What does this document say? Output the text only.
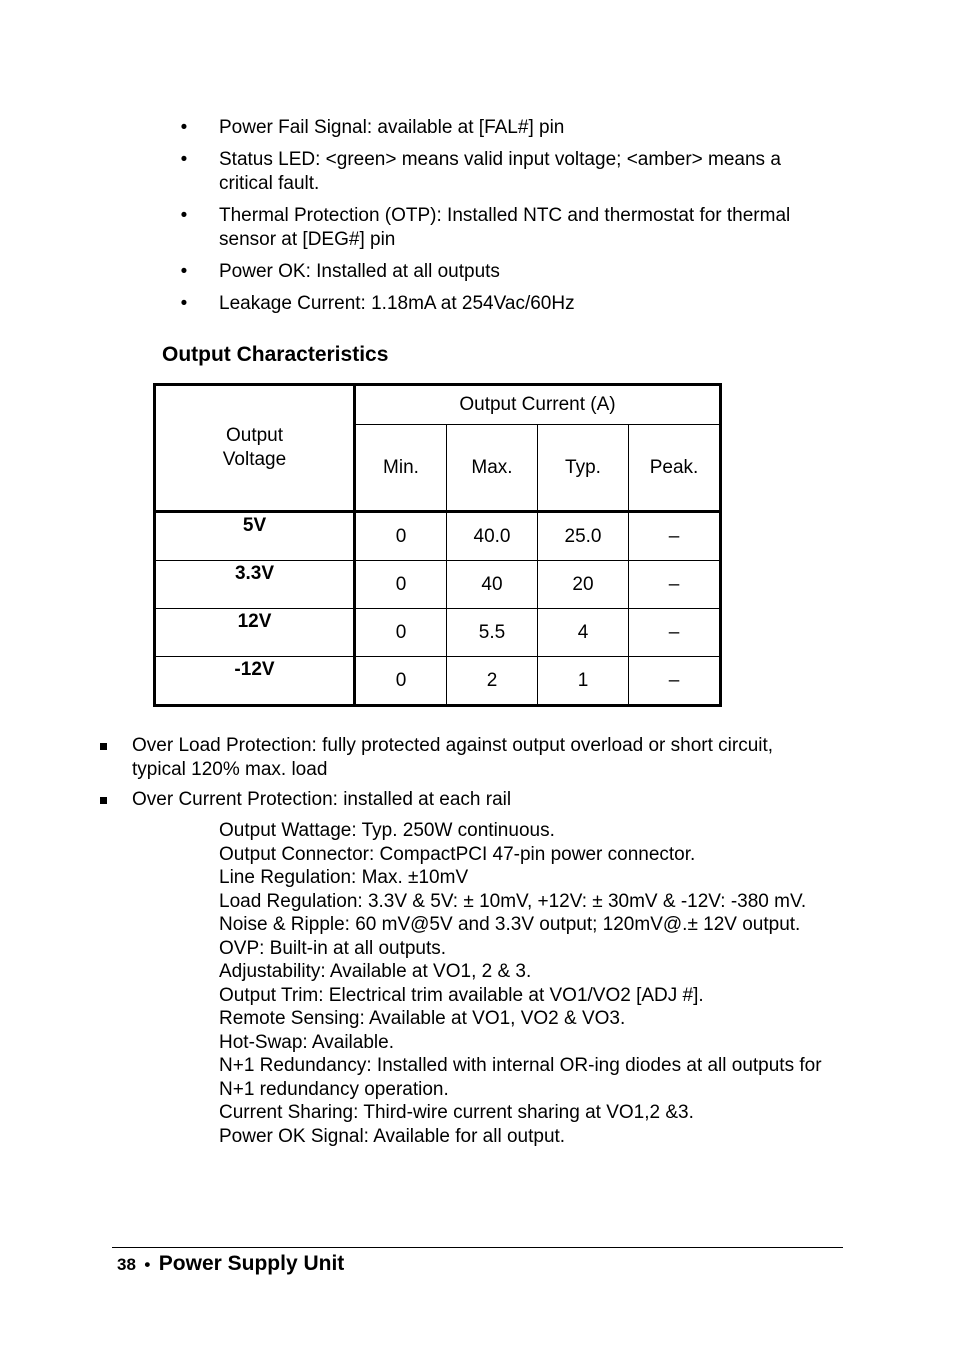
• Power Fail Signal: available at [FAL#] pin
• Status LED: <green> means valid input voltage; <amber> means a critical fault.
• Thermal Protection (OTP): Installed NTC and thermostat for thermal sensor at [DEG#] pin
• Power OK: Installed at all outputs
• Leakage Current: 1.18mA at 254Vac/60Hz
Output Characteristics
Output
Voltage	Output Current (A)			
	Min.	Max.	Typ.	Peak.

5V	0	40.0	25.0	–

3.3V	0	40	20	–

12V	0	5.5	4	–

-12V	0	2	1	–
Over Load Protection: fully protected against output overload or short circuit, typical 120% max. load
Over Current Protection: installed at each rail
Output Wattage: Typ. 250W continuous.
Output Connector: CompactPCI 47-pin power connector.
Line Regulation: Max. ±10mV
Load Regulation: 3.3V & 5V: ± 10mV, +12V: ± 30mV & -12V: -380 mV.
Noise & Ripple: 60 mV@5V and 3.3V output; 120mV@.± 12V output.
OVP: Built-in at all outputs.
Adjustability: Available at VO1, 2 & 3.
Output Trim: Electrical trim available at VO1/VO2 [ADJ #].
Remote Sensing: Available at VO1, VO2 & VO3.
Hot-Swap: Available.
N+1 Redundancy: Installed with internal OR-ing diodes at all outputs for N+1 redundancy operation.
Current Sharing: Third-wire current sharing at VO1,2 &3.
Power OK Signal: Available for all output.
38 • Power Supply Unit
